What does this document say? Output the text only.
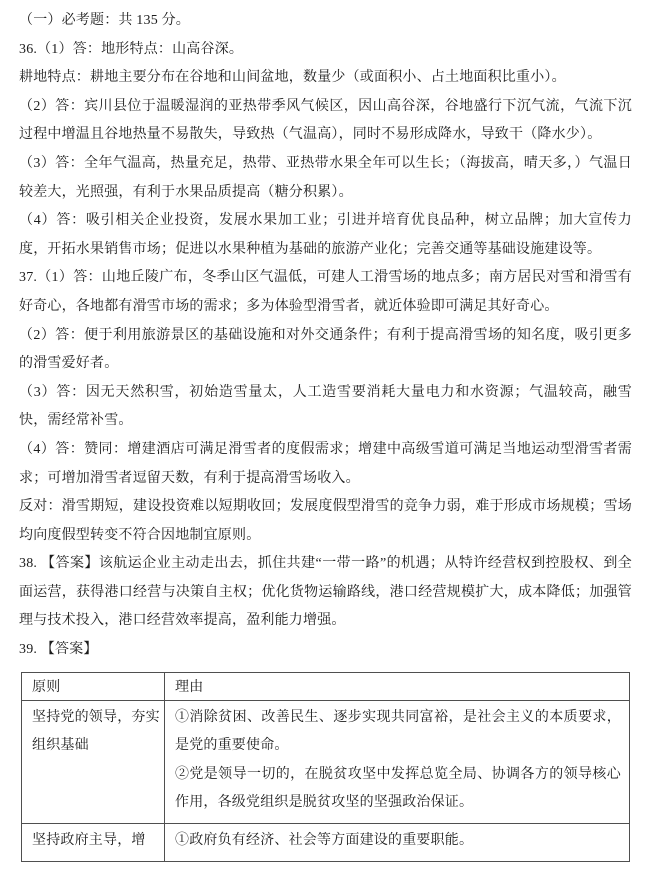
（一）必考题：共 135 分。
36.（1）答：地形特点：山高谷深。
耕地特点：耕地主要分布在谷地和山间盆地，数量少（或面积小、占土地面积比重小）。
（2）答：宾川县位于温暖湿润的亚热带季风气候区，因山高谷深，谷地盛行下沉气流，气流下沉过程中增温且谷地热量不易散失，导致热（气温高），同时不易形成降水，导致干（降水少）。
（3）答：全年气温高，热量充足，热带、亚热带水果全年可以生长；（海拔高，晴天多，）气温日较差大，光照强，有利于水果品质提高（糖分积累）。
（4）答：吸引相关企业投资，发展水果加工业；引进并培育优良品种，树立品牌；加大宣传力度，开拓水果销售市场；促进以水果种植为基础的旅游产业化；完善交通等基础设施建设等。
37.（1）答：山地丘陵广布，冬季山区气温低，可建人工滑雪场的地点多；南方居民对雪和滑雪有好奇心，各地都有滑雪市场的需求；多为体验型滑雪者，就近体验即可满足其好奇心。
（2）答：便于利用旅游景区的基础设施和对外交通条件；有利于提高滑雪场的知名度，吸引更多的滑雪爱好者。
（3）答：因无天然积雪，初始造雪量太，人工造雪要消耗大量电力和水资源；气温较高，融雪快，需经常补雪。
（4）答：赞同：增建酒店可满足滑雪者的度假需求；增建中高级雪道可满足当地运动型滑雪者需求；可增加滑雪者逗留天数，有利于提高滑雪场收入。
反对：滑雪期短，建设投资难以短期收回；发展度假型滑雪的竞争力弱，难于形成市场规模；雪场均向度假型转变不符合因地制宜原则。
38. 【答案】该航运企业主动走出去，抓住共建“一带一路”的机遇；从特许经营权到控股权、到全面运营，获得港口经营与决策自主权；优化货物运输路线，港口经营规模扩大，成本降低；加强管理与技术投入，港口经营效率提高，盈利能力增强。
39. 【答案】
原则	理由
坚持党的领导，夯实组织基础	①消除贫困、改善民生、逐步实现共同富裕，是社会主义的本质要求，是党的重要使命。
②党是领导一切的，在脱贫攻坚中发挥总览全局、协调各方的领导核心作用，各级党组织是脱贫攻坚的坚强政治保证。

坚持政府主导，增	①政府负有经济、社会等方面建设的重要职能。
